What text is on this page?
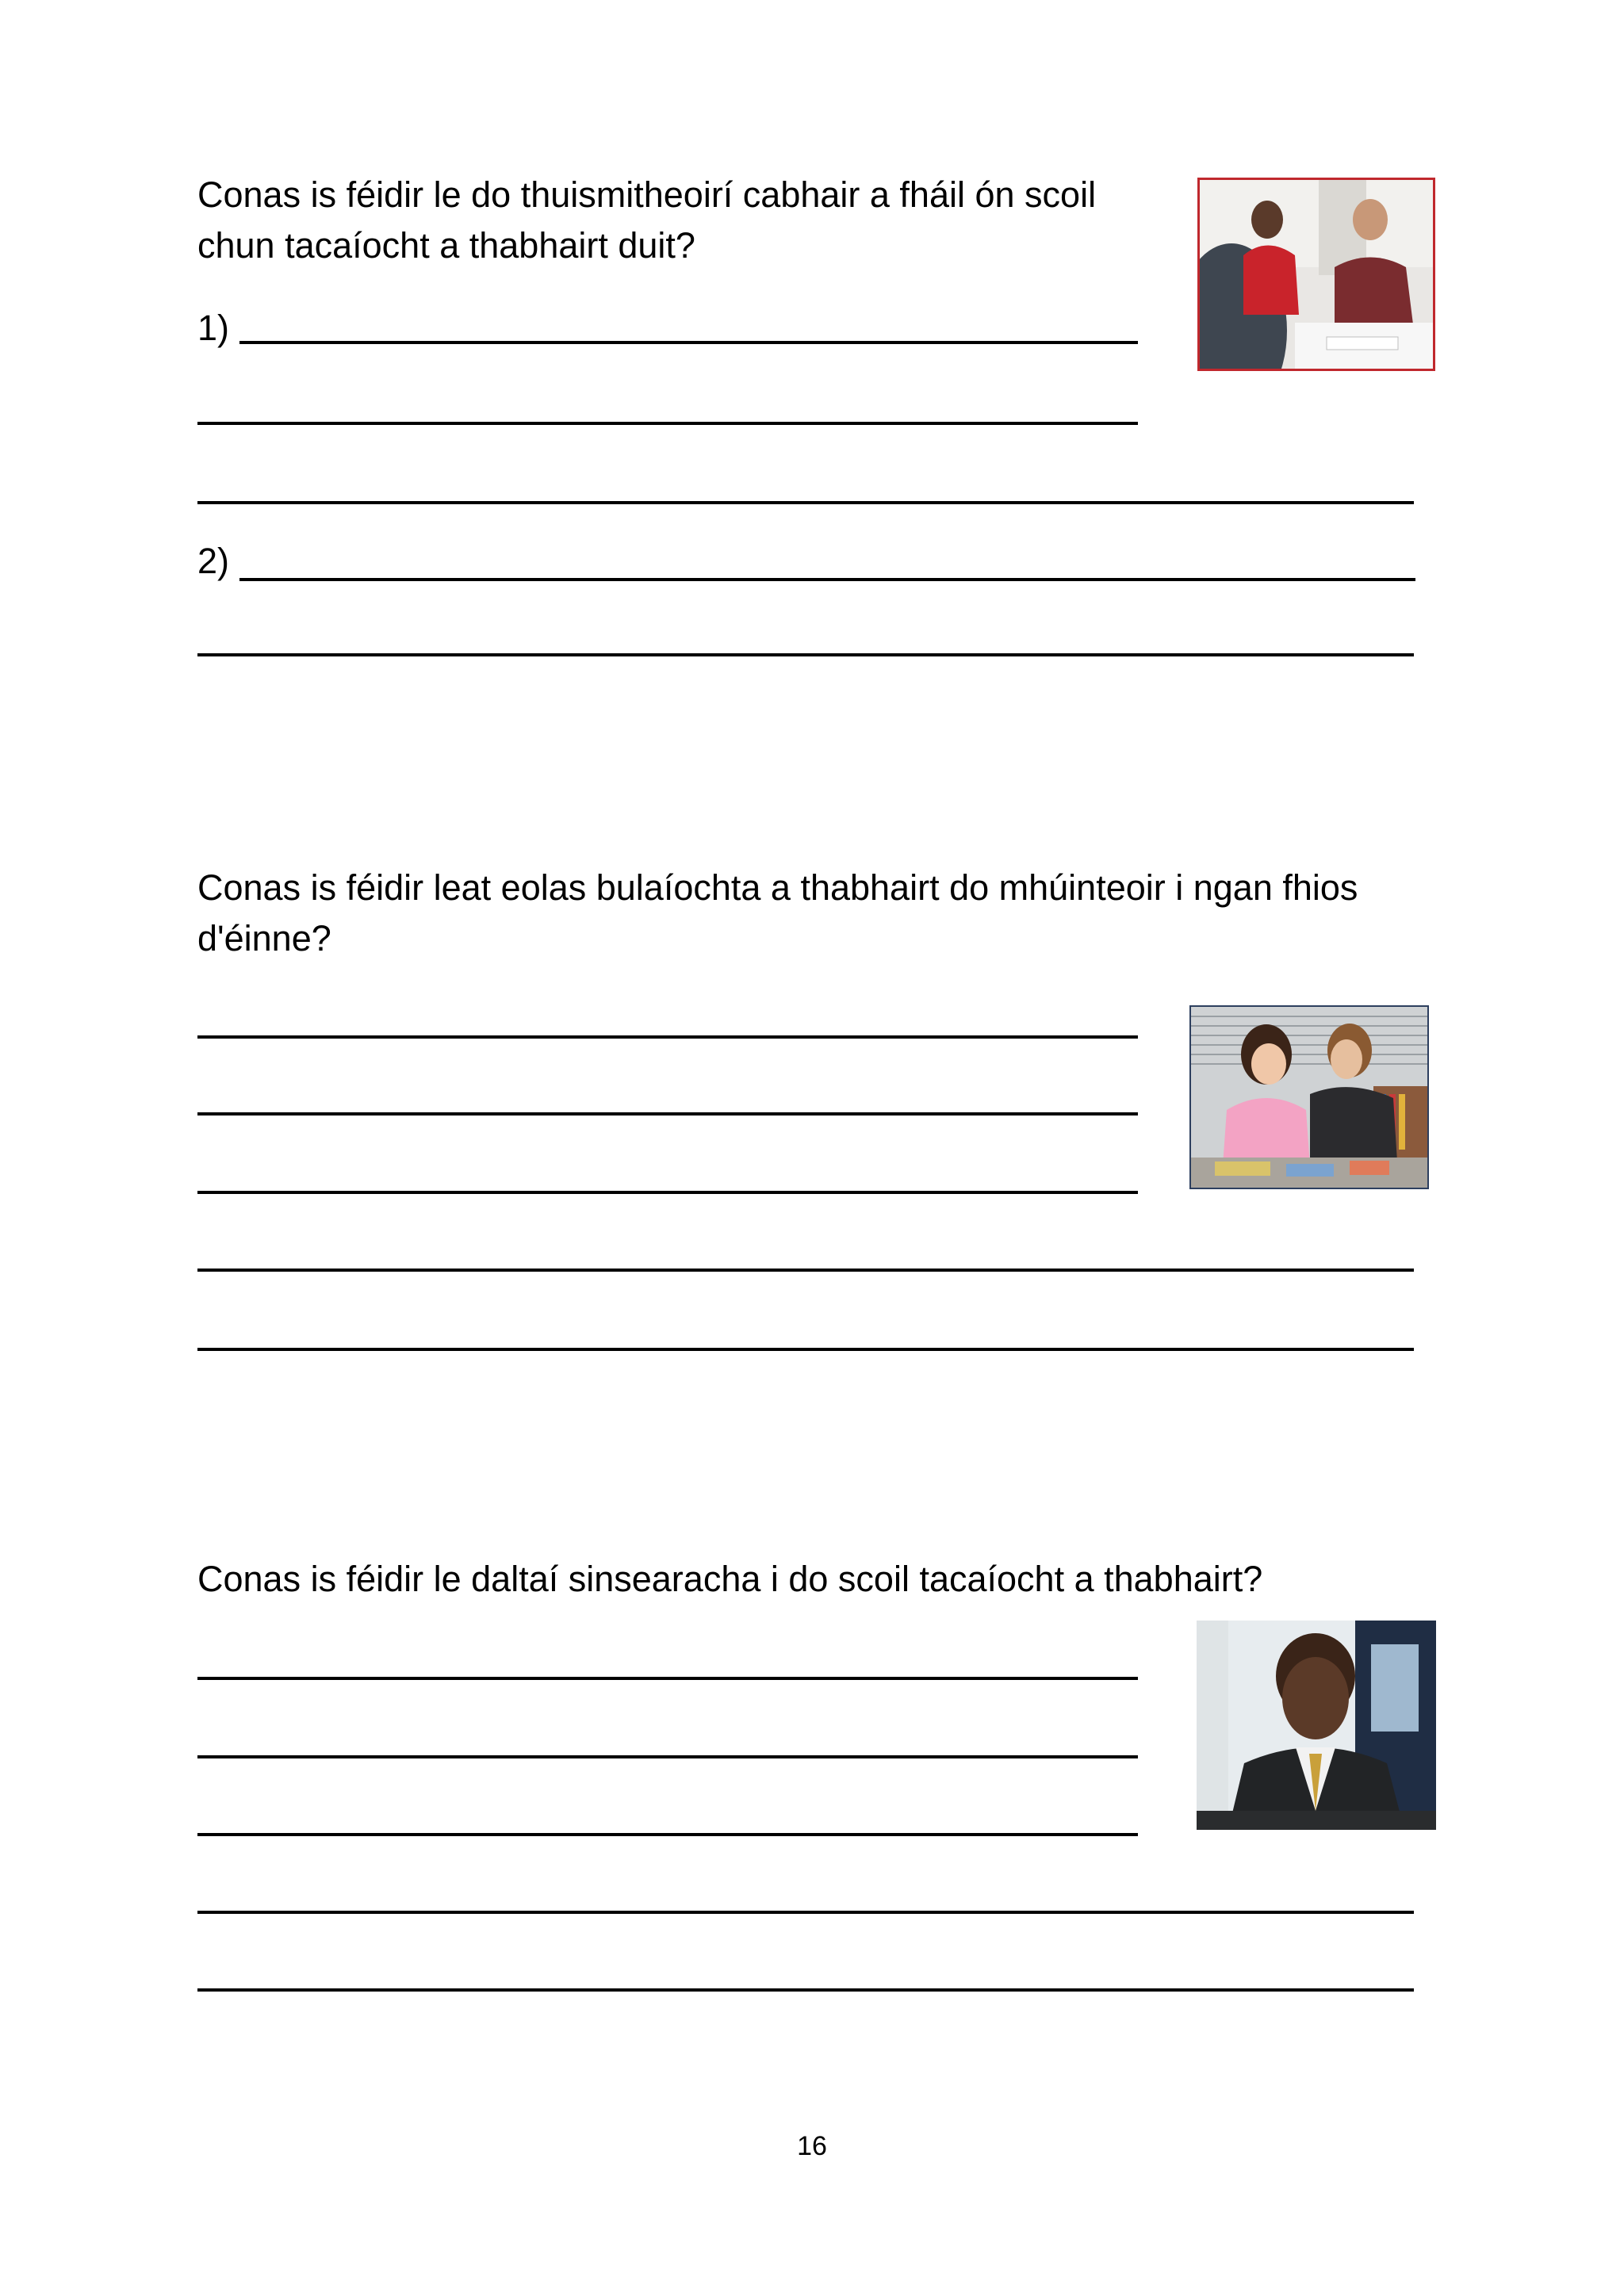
Conas is féidir le do thuismitheoirí cabhair a fháil ón scoil chun tacaíocht a thabhairt duit?

1)
2)

Conas is féidir leat eolas bulaíochta a thabhairt do mhúinteoir i ngan fhios d'éinne?

Conas is féidir le daltaí sinsearacha i do scoil tacaíocht a thabhairt?

16
